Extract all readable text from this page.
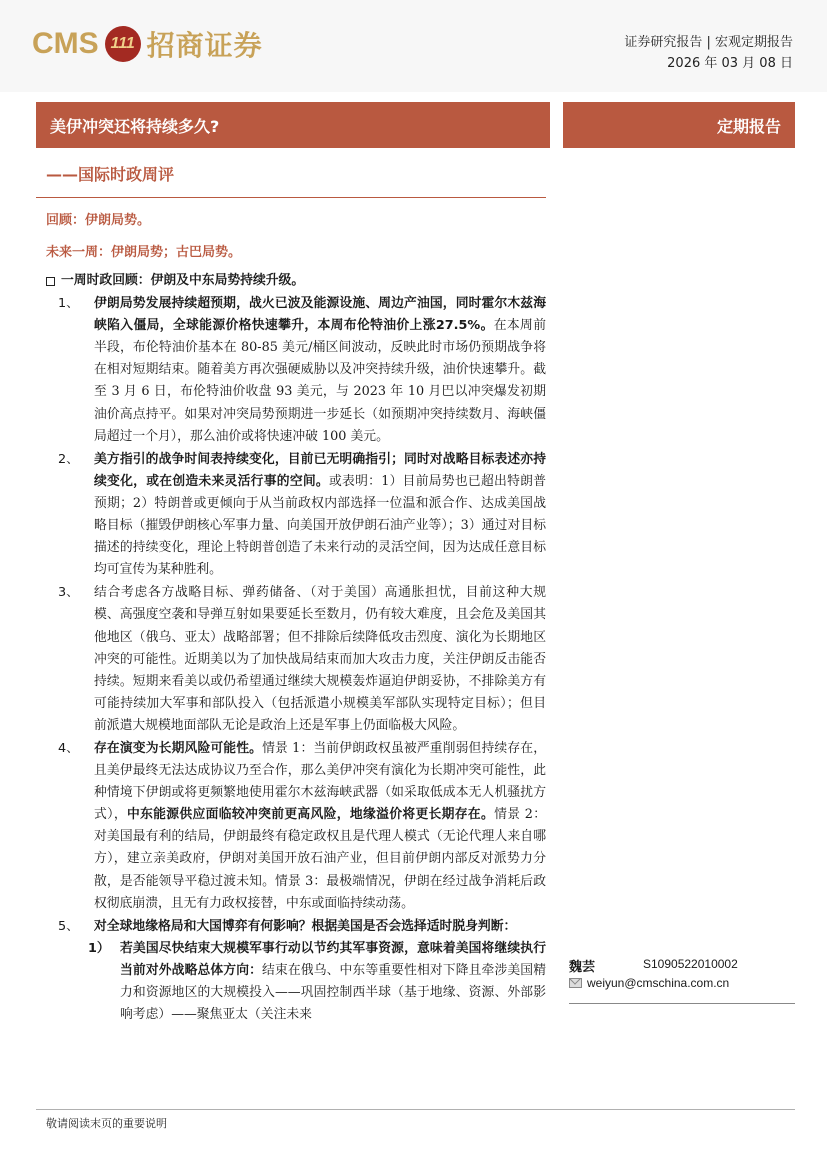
CMS 111 招商证券	证券研究报告 | 宏观定期报告
2026 年 03 月 08 日
美伊冲突还将持续多久?	定期报告
——国际时政周评
回顾：伊朗局势。
未来一周：伊朗局势；古巴局势。
一周时政回顾：伊朗及中东局势持续升级。
1、	伊朗局势发展持续超预期，战火已波及能源设施、周边产油国，同时霍尔木兹海峡陷入僵局，全球能源价格快速攀升，本周布伦特油价上涨27.5%。在本周前半段，布伦特油价基本在 80-85 美元/桶区间波动，反映此时市场仍预期战争将在相对短期结束。随着美方再次强硬威胁以及冲突持续升级，油价快速攀升。截至 3 月 6 日，布伦特油价收盘 93 美元，与 2023 年 10 月巴以冲突爆发初期油价高点持平。如果对冲突局势预期进一步延长（如预期冲突持续数月、海峡僵局超过一个月），那么油价或将快速冲破 100 美元。
2、	美方指引的战争时间表持续变化，目前已无明确指引；同时对战略目标表述亦持续变化，或在创造未来灵活行事的空间。或表明：1）目前局势也已超出特朗普预期；2）特朗普或更倾向于从当前政权内部选择一位温和派合作、达成美国战略目标（摧毁伊朗核心军事力量、向美国开放伊朗石油产业等）；3）通过对目标描述的持续变化，理论上特朗普创造了未来行动的灵活空间，因为达成任意目标均可宣传为某种胜利。
3、	结合考虑各方战略目标、弹药储备、（对于美国）高通胀担忧，目前这种大规模、高强度空袭和导弹互射如果要延长至数月，仍有较大难度，且会危及美国其他地区（俄乌、亚太）战略部署；但不排除后续降低攻击烈度、演化为长期地区冲突的可能性。近期美以为了加快战局结束而加大攻击力度，关注伊朗反击能否持续。短期来看美以或仍希望通过继续大规模轰炸逼迫伊朗妥协，不排除美方有可能持续加大军事和部队投入（包括派遣小规模美军部队实现特定目标）；但目前派遣大规模地面部队无论是政治上还是军事上仍面临极大风险。
4、	存在演变为长期风险可能性。情景 1：当前伊朗政权虽被严重削弱但持续存在，且美伊最终无法达成协议乃至合作，那么美伊冲突有演化为长期冲突可能性，此种情境下伊朗或将更频繁地使用霍尔木兹海峡武器（如采取低成本无人机骚扰方式），中东能源供应面临较冲突前更高风险，地缘溢价将更长期存在。情景 2：对美国最有利的结局，伊朗最终有稳定政权且是代理人模式（无论代理人来自哪方），建立亲美政府，伊朗对美国开放石油产业，但目前伊朗内部反对派势力分散，是否能领导平稳过渡未知。情景 3：最极端情况，伊朗在经过战争消耗后政权彻底崩溃，且无有力政权接替，中东或面临持续动荡。
5、	对全球地缘格局和大国博弈有何影响？根据美国是否会选择适时脱身判断：
1） 若美国尽快结束大规模军事行动以节约其军事资源，意味着美国将继续执行当前对外战略总体方向：结束在俄乌、中东等重要性相对下降且牵涉美国精力和资源地区的大规模投入——巩固控制西半球（基于地缘、资源、外部影响考虑）——聚焦亚太（关注未来
魏芸	S1090522010002
weiyun@cmschina.com.cn
敬请阅读末页的重要说明
